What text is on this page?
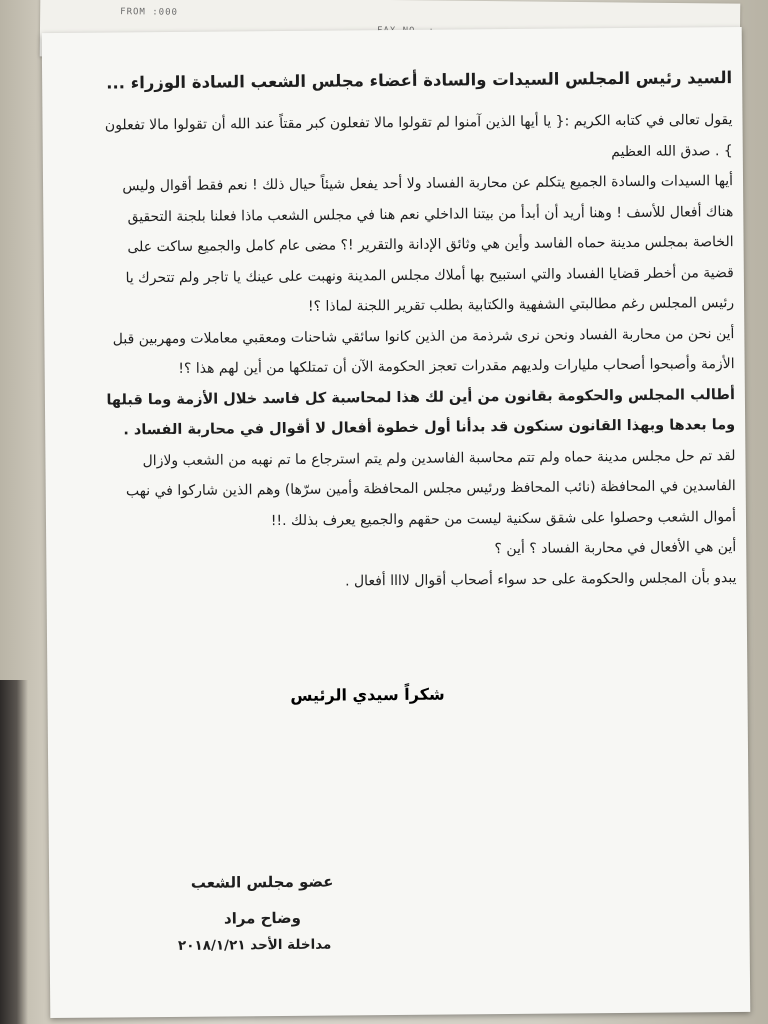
FROM :000

السيد رئيس المجلس السيدات والسادة أعضاء مجلس الشعب السادة الوزراء ...

يقول تعالى في كتابه الكريم :{ يا أيها الذين آمنوا لم تقولوا مالا تفعلون كبر مقتاً عند الله أن تقولوا مالا تفعلون } . صدق الله العظيم

أيها السيدات والسادة الجميع يتكلم عن محاربة الفساد ولا أحد يفعل شيئاً حيال ذلك ! نعم فقط أقوال وليس هناك أفعال للأسف ! وهنا أريد أن أبدأ من بيتنا الداخلي نعم هنا في مجلس الشعب ماذا فعلنا بلجنة التحقيق الخاصة بمجلس مدينة حماه الفاسد وأين هي وثائق الإدانة والتقرير !؟ مضى عام كامل والجميع ساكت على قضية من أخطر قضايا الفساد والتي استبيح بها أملاك مجلس المدينة ونهبت على عينك يا تاجر ولم تتحرك يا رئيس المجلس رغم مطالبتي الشفهية والكتابية بطلب تقرير اللجنة لماذا ؟!

أين نحن من محاربة الفساد ونحن نرى شرذمة من الذين كانوا سائقي شاحنات ومعقبي معاملات ومهربين قبل الأزمة وأصبحوا أصحاب مليارات ولديهم مقدرات تعجز الحكومة الآن أن تمتلكها من أين لهم هذا ؟!

أطالب المجلس والحكومة بقانون من أين لك هذا لمحاسبة كل فاسد خلال الأزمة وما قبلها وما بعدها وبهذا القانون سنكون قد بدأنا أول خطوة أفعال لا أقوال في محاربة الفساد .

لقد تم حل مجلس مدينة حماه ولم تتم محاسبة الفاسدين ولم يتم استرجاع ما تم نهبه من الشعب ولازال الفاسدين في المحافظة (نائب المحافظ ورئيس مجلس المحافظة وأمين سرّها) وهم الذين شاركوا في نهب أموال الشعب وحصلوا على شقق سكنية ليست من حقهم والجميع يعرف بذلك .!!

أين هي الأفعال في محاربة الفساد ؟ أين ؟

يبدو بأن المجلس والحكومة على حد سواء أصحاب أقوال لاااا أفعال .

شكراً سيدي الرئيس
عضو مجلس الشعب
وضاح مراد
مداخلة الأحد ٢٠١٨/١/٢١
